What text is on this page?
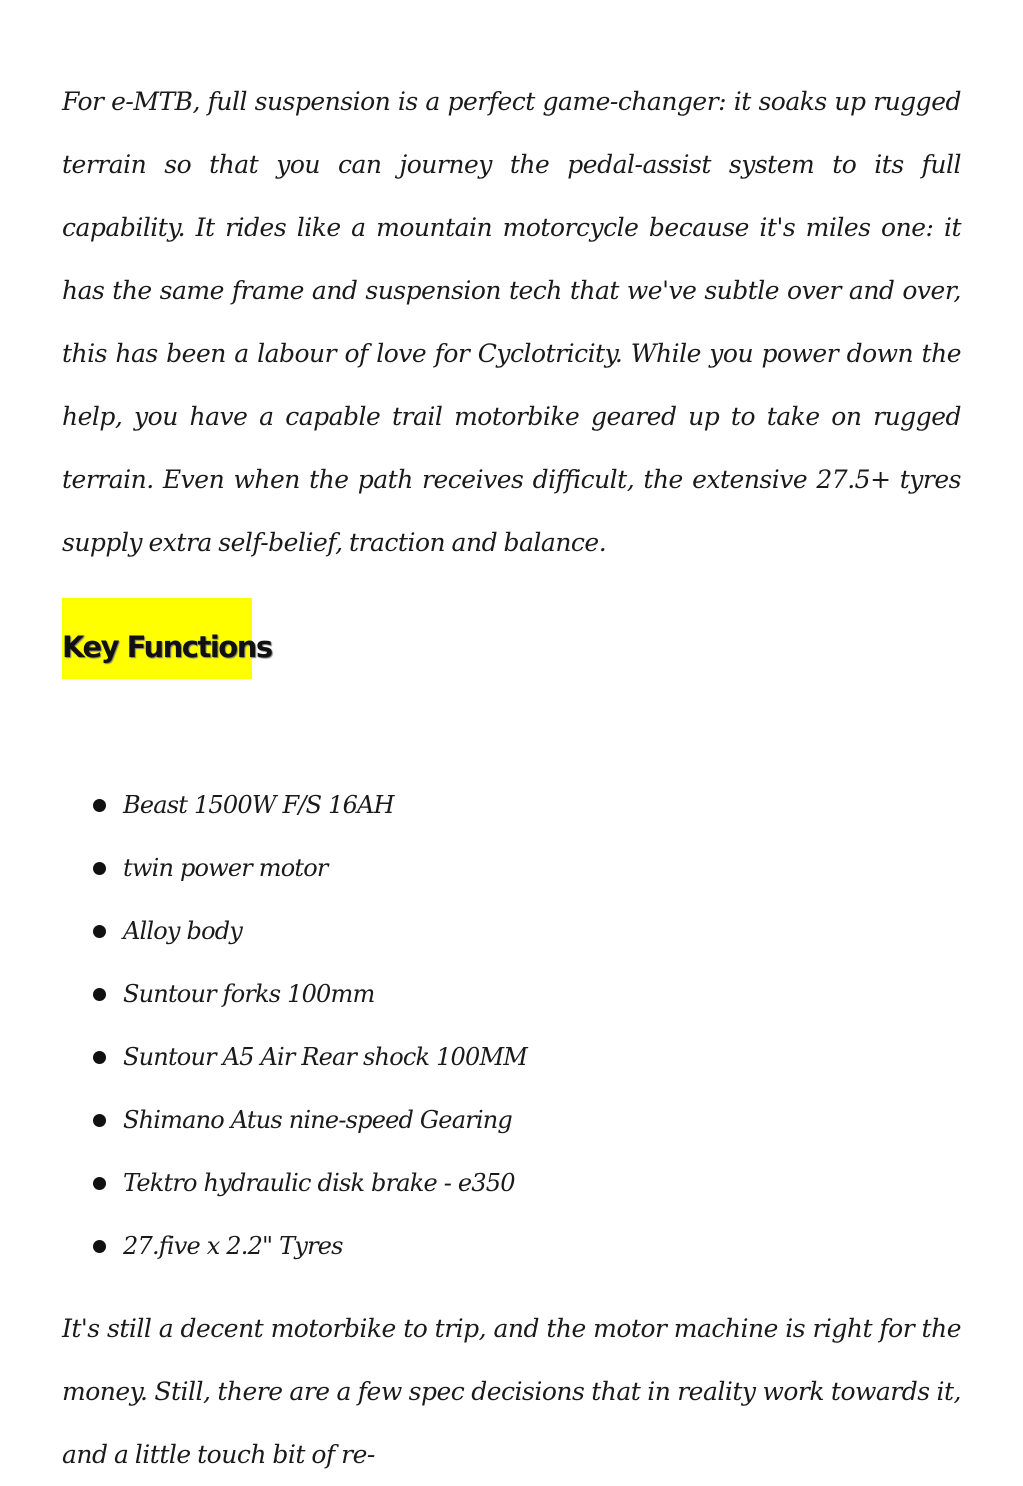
For e-MTB, full suspension is a perfect game-changer: it soaks up rugged terrain so that you can journey the pedal-assist system to its full capability. It rides like a mountain motorcycle because it's miles one: it has the same frame and suspension tech that we've subtle over and over, this has been a labour of love for Cyclotricity. While you power down the help, you have a capable trail motorbike geared up to take on rugged terrain. Even when the path receives difficult, the extensive 27.5+ tyres supply extra self-belief, traction and balance.

Key Functions
Beast 1500W F/S 16AH
twin power motor
Alloy body
Suntour forks 100mm
Suntour A5 Air Rear shock 100MM
Shimano Atus nine-speed Gearing
Tektro hydraulic disk brake - e350
27.five x 2.2" Tyres

It's still a decent motorbike to trip, and the motor machine is right for the money. Still, there are a few spec decisions that in reality work towards it, and a little touch bit of re-
